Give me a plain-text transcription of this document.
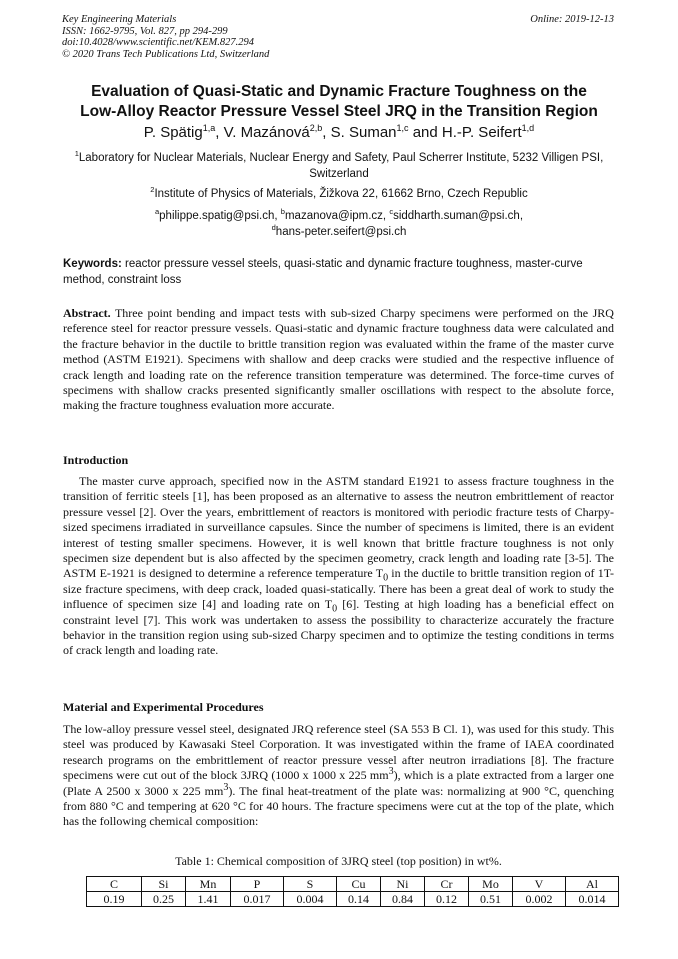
Key Engineering Materials
ISSN: 1662-9795, Vol. 827, pp 294-299
doi:10.4028/www.scientific.net/KEM.827.294
© 2020 Trans Tech Publications Ltd, Switzerland
Online: 2019-12-13
Evaluation of Quasi-Static and Dynamic Fracture Toughness on the
Low-Alloy Reactor Pressure Vessel Steel JRQ in the Transition Region
P. Spätig$^{1,a}$, V. Mazánová$^{2,b}$, S. Suman$^{1,c}$ and H.-P. Seifert$^{1,d}$
$^1$Laboratory for Nuclear Materials, Nuclear Energy and Safety, Paul Scherrer Institute, 5232 Villigen PSI, Switzerland
$^2$Institute of Physics of Materials, Žižkova 22, 61662 Brno, Czech Republic
$^a$philippe.spatig@psi.ch, $^b$mazanova@ipm.cz, $^c$siddharth.suman@psi.ch,
$^d$hans-peter.seifert@psi.ch
Keywords: reactor pressure vessel steels, quasi-static and dynamic fracture toughness, master-curve method, constraint loss
Abstract. Three point bending and impact tests with sub-sized Charpy specimens were performed on the JRQ reference steel for reactor pressure vessels. Quasi-static and dynamic fracture toughness data were calculated and the fracture behavior in the ductile to brittle transition region was evaluated within the frame of the master curve method (ASTM E1921). Specimens with shallow and deep cracks were studied and the respective influence of crack length and loading rate on the reference transition temperature was determined. The force-time curves of specimens with shallow cracks presented significantly smaller oscillations with respect to the absolute force, making the fracture toughness evaluation more accurate.
Introduction
The master curve approach, specified now in the ASTM standard E1921 to assess fracture toughness in the transition of ferritic steels [1], has been proposed as an alternative to assess the neutron embrittlement of reactor pressure vessel [2]. Over the years, embrittlement of reactors is monitored with periodic fracture tests of Charpy-sized specimens irradiated in surveillance capsules. Since the number of specimens is limited, there is an evident interest of testing smaller specimens. However, it is well known that brittle fracture toughness is not only specimen size dependent but is also affected by the specimen geometry, crack length and loading rate [3-5]. The ASTM E-1921 is designed to determine a reference temperature $T_0$ in the ductile to brittle transition region of 1T-size fracture specimens, with deep crack, loaded quasi-statically. There has been a great deal of work to study the influence of specimen size [4] and loading rate on $T_0$ [6]. Testing at high loading has a beneficial effect on constraint level [7]. This work was undertaken to assess the possibility to characterize accurately the fracture behavior in the transition region using sub-sized Charpy specimen and to optimize the testing conditions in terms of crack length and loading rate.
Material and Experimental Procedures
The low-alloy pressure vessel steel, designated JRQ reference steel (SA 553 B Cl. 1), was used for this study. This steel was produced by Kawasaki Steel Corporation. It was investigated within the frame of IAEA coordinated research programs on the embrittlement of reactor pressure vessel after neutron irradiations [8]. The fracture specimens were cut out of the block 3JRQ (1000 x 1000 x 225 $mm^3$), which is a plate extracted from a larger one (Plate A 2500 x 3000 x 225 $mm^3$). The final heat-treatment of the plate was: normalizing at 900 °C, quenching from 880 °C and tempering at 620 °C for 40 hours. The fracture specimens were cut at the top of the plate, which has the following chemical composition:
Table 1: Chemical composition of 3JRQ steel (top position) in wt%.
C	Si	Mn	P	S	Cu	Ni	Cr	Mo	V	Al
0.19	0.25	1.41	0.017	0.004	0.14	0.84	0.12	0.51	0.002	0.014
